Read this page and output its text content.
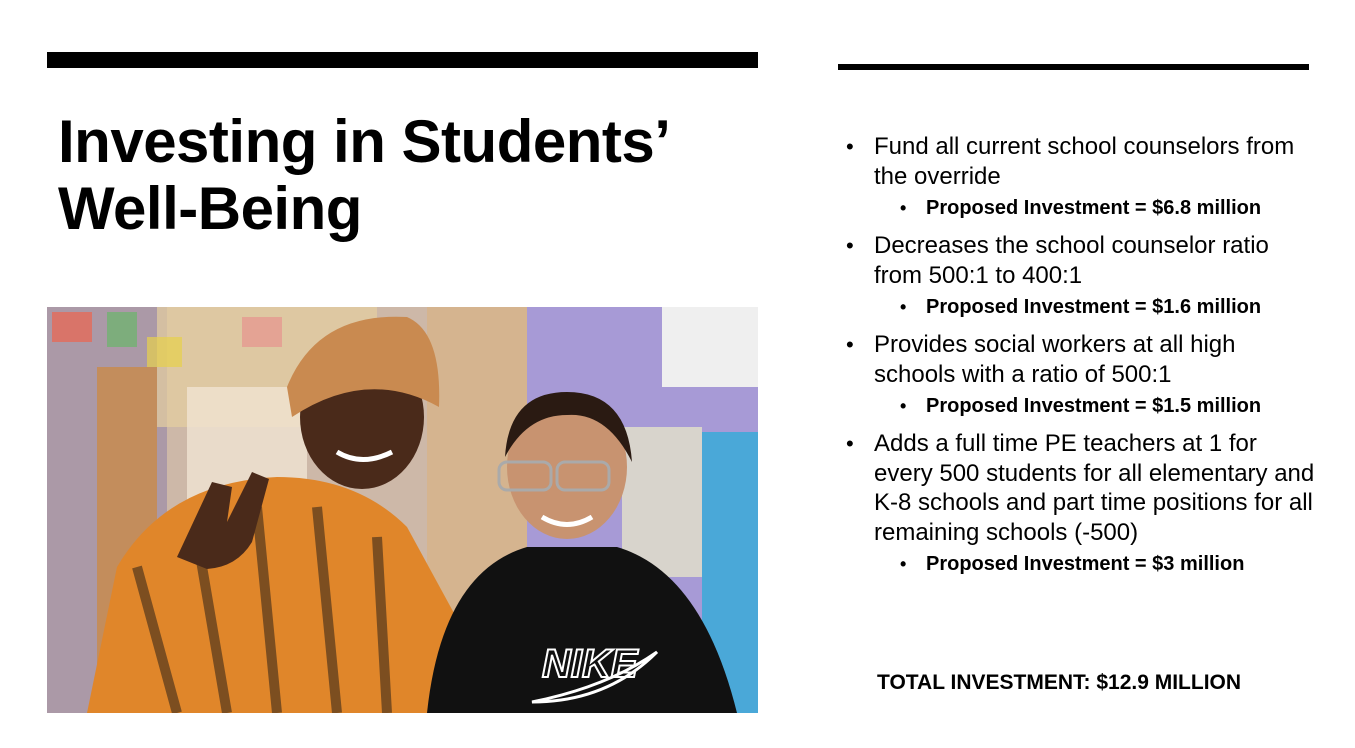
Investing in Students’
Well-Being
NIKE

• Fund all current school counselors from the override

• Proposed Investment = $6.8 million

• Decreases the school counselor ratio from 500:1 to 400:1

• Proposed Investment = $1.6 million

• Provides social workers at all high schools with a ratio of 500:1

• Proposed Investment = $1.5 million

• Adds a full time PE teachers at 1 for every 500 students for all elementary and K-8 schools and part time positions for all remaining schools (-500)

• Proposed Investment = $3 million
TOTAL INVESTMENT: $12.9 MILLION
